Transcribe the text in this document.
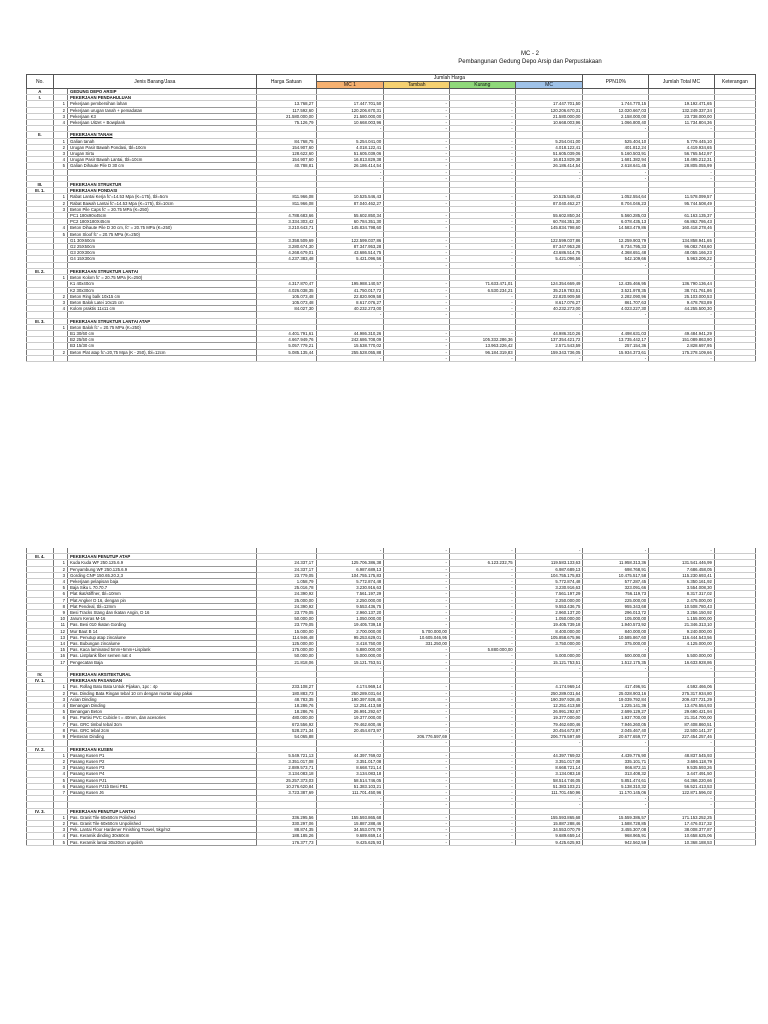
MC - 2
Pembangunan Gedung Depo Arsip dan Perpustakaan
No.	Jenis Barang/Jasa		Harga Satuan	Jumlah Harga				PPN10%	Jumlah Total MC	Keterangan
				MC 1	Tambah	Kurang	MC			
A		GEDUNG DEPO ARSIP								
I.		PEKERJAAN PENDAHULUAN								
	1	Pekerjaan pembersihan lahan	13.768,27	17.447.701,50	-	-	17.447.701,50	1.744.770,15	19.192.471,65	
	2	Pekerjaan urugan tanah + pemadatan	117.592,60	120.206.670,31	-	-	120.206.670,31	12.020.667,03	132.249.337,34	
	3	Pekerjaan K3	21.580.000,00	21.580.000,00	-	-	21.580.000,00	2.158.000,00	23.738.000,00	
	4	Pekerjaan Uitzet + Bowplank	75.126,79	10.668.003,96	-	-	10.668.003,96	1.066.800,40	11.734.804,36	
				-	-	-	-	-	-	
II.		PEKERJAAN TANAH								
	1	Galian tanah	84.768,75	5.254.041,00	-	-	5.254.041,00	525.404,10	5.779.445,10	
	2	Urugan Pasir Bawah Pondasi, tbl=10cm	154.907,60	4.018.122,41	-	-	4.018.122,41	401.812,24	4.419.934,65	
	3	Urugan Sirtu	128.622,60	51.605.039,06	-	-	51.605.039,06	5.160.503,91	56.765.542,97	
	4	Urugan Pasir Bawah Lantai, tbl=10cm	154.907,60	16.813.829,38	-	-	16.813.829,38	1.681.382,94	18.495.212,31	
	5	Galian Dihaute Pile D 30 cm	40.788,81	26.186.414,54	-	-	26.186.414,54	2.618.641,45	28.805.055,99	
				-	-	-	-	-	-	
				-	-	-	-	-	-	
III.		PEKERJAAN STRUKTUR								
III. 1.		PEKERJAAN PONDASI								
	1	Rabat Lantai Kerja fc'=14.53 Mpa (K=175), tbl=5cm	811.966,08	10.525.546,43	-	-	10.525.546,43	1.052.554,64	11.578.099,57	
	2	Rabat Bawah Lantai fc'=14.53 Mpa (K=175), tbl=10cm	811.966,08	87.040.462,27	-	-	87.040.462,27	8.704.046,23	95.744.508,49	
	3	Beton Pile Caps fc' = 20.75 MPa (K=250)								
		PC1 180x90x45cm	4.788.683,66	55.602.850,34	-	-	55.602.850,34	5.560.285,03	61.163.135,37	
		PC2 180X180X45cm	3.334.303,42	60.784.351,30	-	-	60.784.351,30	6.078.435,13	66.862.786,43	
	4	Beton Dihaute Pile D 30 cm, fc' = 20.75 MPa (K=250)	3.210.643,71	145.834.798,60	-	-	145.834.798,60	14.583.479,86	160.418.278,46	
	5	Beton Sloof fc' = 20.75 MPa (K=250)								
		G1 30X60cm	3.358.509,69	122.599.037,86	-	-	122.599.037,86	12.259.903,79	134.858.941,65	
		G2 25X50cm	3.280.674,30	87.347.953,28	-	-	87.347.953,28	8.734.795,33	96.082.748,60	
		G3 20X30cm	4.268.679,01	43.686.514,75	-	-	43.686.514,75	4.368.651,48	48.055.166,23	
		G4 15X30cm	4.237.383,48	5.421.096,56	-	-	5.421.096,56	542.109,66	5.963.206,22	
				-	-	-	-	-	-	
III. 2.		PEKERJAAN STRUKTUR LANTAI								
	1	Beton Kolom fc' = 20.75 MPa (K=250)								
		K1 40x40cm	4.317.870,47	195.988.140,57	-	71.633.471,01	124.354.669,49	12.435.466,95	136.790.136,44	
		K2 30x30cm	4.026.038,35	41.750.017,72	-	6.530.234,21	35.219.783,51	3.521.978,35	38.741.761,86	
	2	Beton Ring balk 10x15 cm	105.073,48	22.820.909,58	-	-	22.820.909,58	2.282.090,96	25.103.000,53	
	3	Beton Balok Latei 10x15 cm	105.073,48	8.617.076,27	-	-	8.617.076,27	861.707,63	9.478.783,89	
	4	Kolom praktis 11x11 cm	84.027,30	40.232.273,00	-	-	40.232.273,00	4.023.227,30	44.255.500,30	
				-	-	-	-	-	-	
III. 3.		PEKERJAAN STRUKTUR LANTAI ATAP								
	1	Beton Balok fc' = 20.75 MPa (K=250)								
		B1 30/60 cm	4.401.791,61	44.986.310,26	-	-	44.986.310,26	4.498.631,03	49.484.941,29	
		B2 25/50 cm	4.667.949,76	242.686.708,09	-	105.332.286,36	137.354.421,72	13.735.442,17	151.089.863,90	
		B3 15/30 cm	5.057.779,21	15.538.770,02	-	13.963.226,42	2.571.543,59	257.154,36	2.828.697,95	
	2	Beton Plat atap fc'=20,75 Mpa (K - 250), tbl=12cm	5.085.135,44	255.528.055,88	-	96.184.319,83	159.343.736,05	15.934.373,61	175.278.109,66	
				-	-	-	-	-	-	
				-	-	-	-	-	-	
III. 4.		PEKERJAAN PENUTUP ATAP								
	1	Kuda Kuda WF 250.125.6.9	24.337,17	125.706.386,38	-	6.123.232,75	119.583.133,63	11.958.313,36	131.541.446,99	
	2	Penyambung WF 250.125.6.9	24.337,17	6.987.689,13	-	-	6.987.689,13	698.768,91	7.686.458,05	
	3	Gording CNP 150.65.20.2,3	23.779,05	104.755.175,83	-	-	104.755.175,83	10.475.517,58	115.230.693,41	
	4	Pekerjaan pelapisan baja	1.058,79	5.772.874,48	-	-	5.772.874,48	577.287,45	6.350.161,92	
	5	Baja Siku L 70.70.7	25.016,78	3.230.916,63	-	-	3.230.916,63	323.091,66	3.554.008,30	
	6	Plat Ikat/stiffner, tbl=10mm	24.390,92	7.561.197,29	-	-	7.561.197,29	756.119,73	8.317.317,02	
	7	Plat Angker D 16, dengan pin	25.000,00	2.250.000,00	-	-	2.250.000,00	225.000,00	2.475.000,00	
	8	Plat Pendeal, tbl=12mm	24.390,92	9.553.436,75	-	-	9.553.436,75	955.343,68	10.508.780,43	
	9	Besi Tracks Stang dan Ikatan Angin, D 16	23.779,05	2.960.137,20	-	-	2.960.137,20	296.013,72	3.256.150,92	
	10	Jarum Keras M-16	50.000,00	1.050.000,00	-	-	1.050.000,00	105.000,00	1.155.000,00	
	11	Pas. Besi 010 Ikatan Gording	23.779,05	19.405.739,18	-	-	19.405.739,18	1.940.573,92	21.346.313,10	
	12	Mur Baut B 14	15.000,00	2.700.000,00	5.700.000,00	-	8.400.000,00	840.000,00	9.240.000,00	
	13	Pas. Penutup atap zincalume	114.946,48	95.253.629,01	10.605.046,95	-	105.858.675,96	10.585.867,60	116.444.543,56	
	14	Pas. Bubungan zincalume	125.000,00	3.418.750,00	331.250,00	-	3.750.000,00	375.000,00	4.125.000,00	
	15	Pas. Kaca laminated 5mm+5mm+Lisplank	175.000,00	5.880.000,00	-	5.880.000,00	-	-	-	
	16	Pas. Listplank fiber semen nat 4	50.000,00	5.000.000,00	-	-	5.000.000,00	500.000,00	5.500.000,00	
	17	Pengecatan Baja	21.818,06	15.121.753,51	-	-	15.121.753,51	1.512.175,35	16.633.928,86	
				-	-	-	-	-	-	
IV.		PEKERJAAN ARSITEKTURAL								
IV. 1.		PEKERJAAN PASANGAN								
	1	Pas. Rollag Batu Bata Untuk Pijakan, 1pc : 4p	233.108,27	4.174.969,14	-	-	4.174.969,14	417.496,91	4.592.466,06	
	2	Pas. Dinding Bata Ringan tebal 10 cm dengan mortar siap pakai	180.883,73	250.289.031,64	-	-	250.289.031,64	25.028.903,16	275.317.934,80	
	3	Acian Dinding	48.783,35	190.397.928,45	-	-	190.397.928,45	19.039.792,84	209.437.721,29	
	4	Benangan Dinding	18.286,76	12.251.413,58	-	-	12.251.413,58	1.225.141,36	13.476.554,93	
	5	Benangan Beton	18.286,76	26.991.292,67	-	-	26.991.292,67	2.699.129,27	29.690.421,94	
	6	Pas. Partisi PVC Cubicle t = 40mm, dan acesories	480.000,00	19.377.000,00	-	-	19.377.000,00	1.937.700,00	21.314.700,00	
	7	Pas. GRC timbul tebal 3cm	672.556,92	79.462.600,46	-	-	79.462.600,46	7.946.260,05	87.408.860,51	
	8	Pas. GRC tebal 2cm	528.271,34	20.454.673,97	-	-	20.454.673,97	2.045.467,40	22.500.141,37	
	9	Plesteran Dinding	54.065,88	-	206.776.597,69	-	206.776.597,69	20.677.659,77	227.454.257,46	
				-	-	-	-	-	-	
IV. 2.		PEKERJAAN KUSEN								
	1	Pasang Kusen P1	5.549.721,13	44.397.769,02	-	-	44.397.769,02	4.439.776,90	48.837.545,93	
	2	Pasang Kusen P2	3.351.017,08	3.351.017,08	-	-	3.351.017,08	335.101,71	3.686.118,79	
	3	Pasang Kusen P3	2.889.573,71	8.668.721,14	-	-	8.668.721,14	866.872,11	9.535.593,26	
	4	Pasang Kusen P4	3.134.083,18	3.134.083,18	-	-	3.134.083,18	313.408,32	3.447.491,50	
	5	Pasang Kusen PJ1	25.257.373,03	58.514.746,05	-	-	58.514.746,05	5.851.474,61	64.366.220,66	
	6	Pasang Kusen PJ1b Besi PB1	10.276.620,84	51.383.103,21	-	-	51.383.103,21	5.138.310,32	56.521.413,53	
	7	Pasang Kusen J6	3.723.387,69	111.701.450,96	-	-	111.701.450,96	11.170.145,06	122.871.596,02	
				-	-	-	-	-	-	
				-	-	-	-	-	-	
IV. 3.		PEKERJAAN PENUTUP LANTAI								
	1	Pas. Granit Tile 60x60cm Polished	336.295,56	155.593.865,68	-	-	155.593.865,68	15.559.386,57	171.153.252,25	
	2	Pas. Granit Tile 60x60cm Unpolished	330.297,06	15.887.288,46	-	-	15.887.288,46	1.588.728,85	17.476.017,32	
	3	Pek. Lantai Floor Hardener Finishing Trowel, 5kg/m2	88.874,35	34.553.070,79	-	-	34.553.070,79	3.455.307,08	38.008.377,87	
	4	Pas. Keramik dinding 30x60cm	188.185,26	9.689.659,14	-	-	9.689.659,14	968.965,91	10.658.625,06	
	5	Pas. Keramik lantai 30x30cm unpolish	176.377,73	9.425.625,93	-	-	9.425.625,93	942.562,59	10.368.188,53	
